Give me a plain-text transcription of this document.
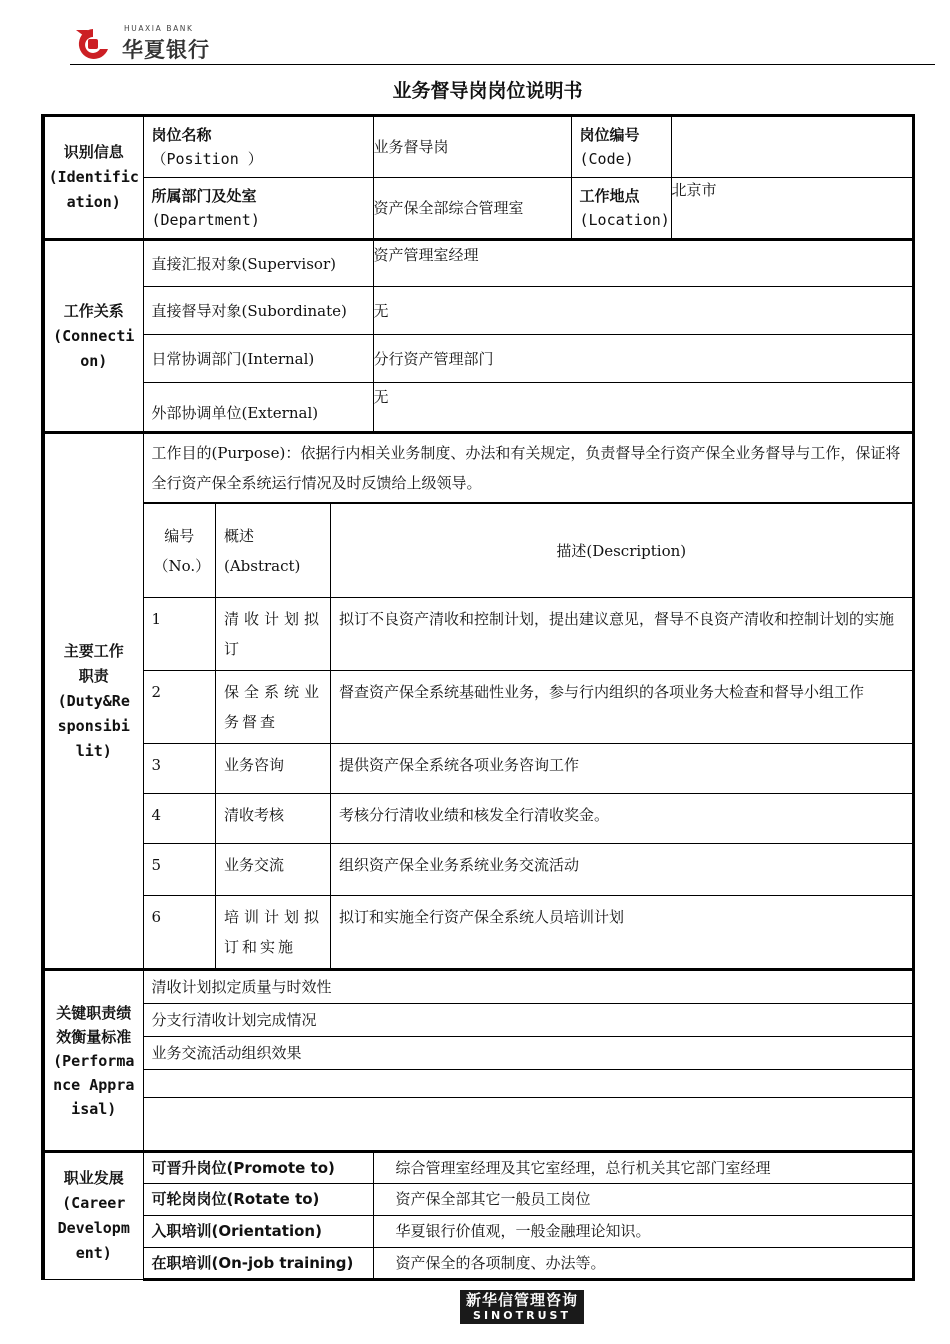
HUAXIA BANK
华夏银行
业务督导岗岗位说明书
识别信息
(Identification)

岗位名称
（Position ）
	业务督导岗	
岗位编号
(Code)

所属部门及处室
(Department)
	资产保全部综合管理室	
工作地点
(Location)
	北京市

工作关系
(Connection)
	直接汇报对象(Supervisor)	资产管理室经理
直接督导对象(Subordinate)	无
日常协调部门(Internal)	分行资产管理部门
外部协调单位(External)	无

主要工作职责
(Duty&Responsibilit)
	工作目的(Purpose)：依据行内相关业务制度、办法和有关规定，负责督导全行资产保全业务督导与工作，保证将全行资产保全系统运行情况及时反馈给上级领导。

编号（No.）	概述(Abstract)	描述(Description)
1	清收计划拟订	拟订不良资产清收和控制计划，提出建议意见，督导不良资产清收和控制计划的实施
2	保全系统业务督查	督查资产保全系统基础性业务，参与行内组织的各项业务大检查和督导小组工作
3	业务咨询	提供资产保全系统各项业务咨询工作
4	清收考核	考核分行清收业绩和核发全行清收奖金。
5	业务交流	组织资产保全业务系统业务交流活动
6	培训计划拟订和实施	拟订和实施全行资产保全系统人员培训计划

关键职责绩效衡量标准
(Performance Appraisal)
	清收计划拟定质量与时效性
分支行清收计划完成情况
业务交流活动组织效果

职业发展
(Career Development)
	可晋升岗位(Promote to)	综合管理室经理及其它室经理，总行机关其它部门室经理
可轮岗岗位(Rotate to)	资产保全部其它一般员工岗位
入职培训(Orientation)	华夏银行价值观，一般金融理论知识。
在职培训(On-job training)	资产保全的各项制度、办法等。
新华信管理咨询
SINOTRUST
